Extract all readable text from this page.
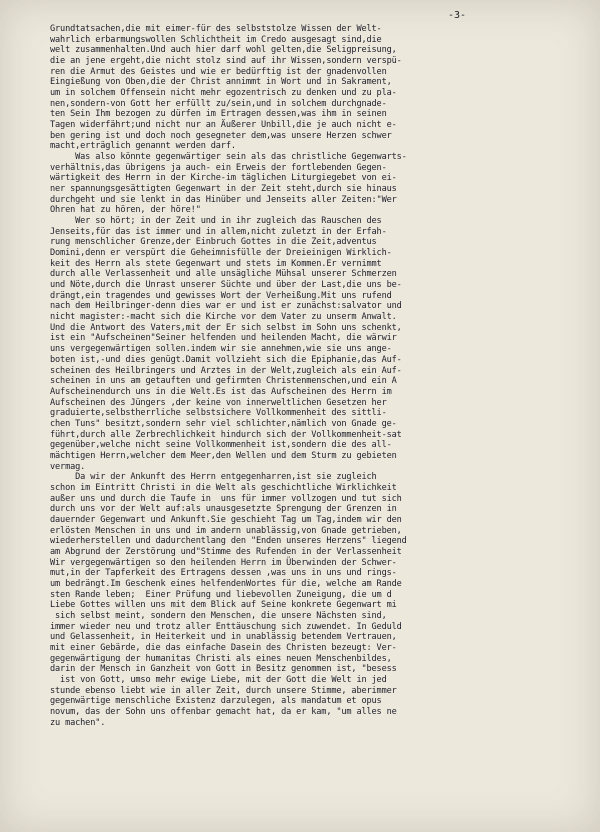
-3-
Grundtatsachen,die mit eimer-für des selbststolze Wissen der Welt-
wahrlich erbarmungswollen Schlichtheit im Credo ausgesagt sind,die
welt zusammenhalten.Und auch hier darf wohl gelten,die Seligpreisung,
die an jene ergeht,die nicht stolz sind auf ihr Wissen,sondern verspü-
ren die Armut des Geistes und wie er bedürftig ist der gnadenvollen
Eingießung von Oben,die der Christ annimmt in Wort und in Sakrament,
um in solchem Offensein nicht mehr egozentrisch zu denken und zu pla-
nen,sondern-von Gott her erfüllt zu/sein,und in solchem durchgnade-
ten Sein Ihm bezogen zu dürfen im Ertragen dessen,was ihm in seinen
Tagen widerfährt;und nicht nur an Äußerer Unbill,die je auch nicht e-
ben gering ist und doch noch gesegneter dem,was unsere Herzen schwer
macht,erträglich genannt werden darf.
Was also könnte gegenwärtiger sein als das christliche Gegenwarts-
verhältnis,das übrigens ja auch- ein Erweis der fortlebenden Gegen-
wärtigkeit des Herrn in der Kirche-im täglichen Liturgiegebet von ei-
ner spannungsgesättigten Gegenwart in der Zeit steht,durch sie hinaus
durchgeht und sie lenkt in das Hinüber und Jenseits aller Zeiten:"Wer
Ohren hat zu hören, der höre!"
Wer so hört; in der Zeit und in ihr zugleich das Rauschen des
Jenseits,für das ist immer und in allem,nicht zuletzt in der Erfah-
rung menschlicher Grenze,der Einbruch Gottes in die Zeit,adventus
Domini,denn er verspürt die Geheimnisfülle der Dreieinigen Wirklich-
keit des Herrn als stete Gegenwart und stets im Kommen.Er vernimmt
durch alle Verlassenheit und alle unsägliche Mühsal unserer Schmerzen
und Nöte,durch die Unrast unserer Süchte und über der Last,die uns be-
drängt,ein tragendes und gewisses Wort der Verheißung.Mit uns rufend
nach dem Heilbringer-denn dies war er und ist er zunächst:salvator und
nicht magister:-macht sich die Kirche vor dem Vater zu unserm Anwalt.
Und die Antwort des Vaters,mit der Er sich selbst im Sohn uns schenkt,
ist ein "Aufscheinen"Seiner helfenden und heilenden Macht, die wärwir
uns vergegenwärtigen sollen.indem wir sie annehmen,wie sie uns ange-
boten ist,-und dies genügt.Damit vollzieht sich die Epiphanie,das Auf-
scheinen des Heilbringers und Arztes in der Welt,zugleich als ein Auf-
scheinen in uns am getauften und gefirmten Christenmenschen,und ein A
Aufscheinendurch uns in die Welt.Es ist das Aufscheinen des Herrn im
Aufscheinen des Jüngers ,der keine von innerweltlichen Gesetzen her
graduierte,selbstherrliche selbstsichere Vollkommenheit des sittli-
chen Tuns" besitzt,sondern sehr viel schlichter,nämlich von Gnade ge-
führt,durch alle Zerbrechlichkeit hindurch sich der Vollkommenheit-sat
gegenüber,welche nicht seine Vollkommenheit ist,sondern die des all-
mächtigen Herrn,welcher dem Meer,den Wellen und dem Sturm zu gebieten
vermag.
Da wir der Ankunft des Herrn entgegenharren,ist sie zugleich
schon im Eintritt Christi in die Welt als geschichtliche Wirklichkeit
außer uns und durch die Taufe in  uns für immer vollzogen und tut sich
durch uns vor der Welt auf:als unausgesetzte Sprengung der Grenzen in
dauernder Gegenwart und Ankunft.Sie geschieht Tag um Tag,indem wir den
erlösten Menschen in uns und im andern unablässig,von Gnade getrieben,
wiederherstellen und dadurchentlang den "Enden unseres Herzens" liegend
am Abgrund der Zerstörung und"Stimme des Rufenden in der Verlassenheit
Wir vergegenwärtigen so den heilenden Herrn im Überwinden der Schwer-
mut,in der Tapferkeit des Ertragens dessen ,was uns in uns und rings-
um bedrängt.Im Geschenk eines helfendenWortes für die, welche am Rande
sten Rande leben;  Einer Prüfung und liebevollen Zuneigung, die um d
Liebe Gottes willen uns mit dem Blick auf Seine konkrete Gegenwart mi
sich selbst meint, sondern den Menschen, die unsere Nächsten sind,
immer wieder neu und trotz aller Enttäuschung sich zuwendet. In Geduld
und Gelassenheit, in Heiterkeit und in unablässig betendem Vertrauen,
mit einer Gebärde, die das einfache Dasein des Christen bezeugt: Ver-
gegenwärtigung der humanitas Christi als eines neuen Menschenbildes,
darin der Mensch in Ganzheit von Gott in Besitz genommen ist, "besess
ist von Gott, umso mehr ewige Liebe, mit der Gott die Welt in jed
stunde ebenso liebt wie in aller Zeit, durch unsere Stimme, aberimmer
gegenwärtige menschliche Existenz darzulegen, als mandatum et opus
novum, das der Sohn uns offenbar gemacht hat, da er kam, "um alles ne
zu machen".
